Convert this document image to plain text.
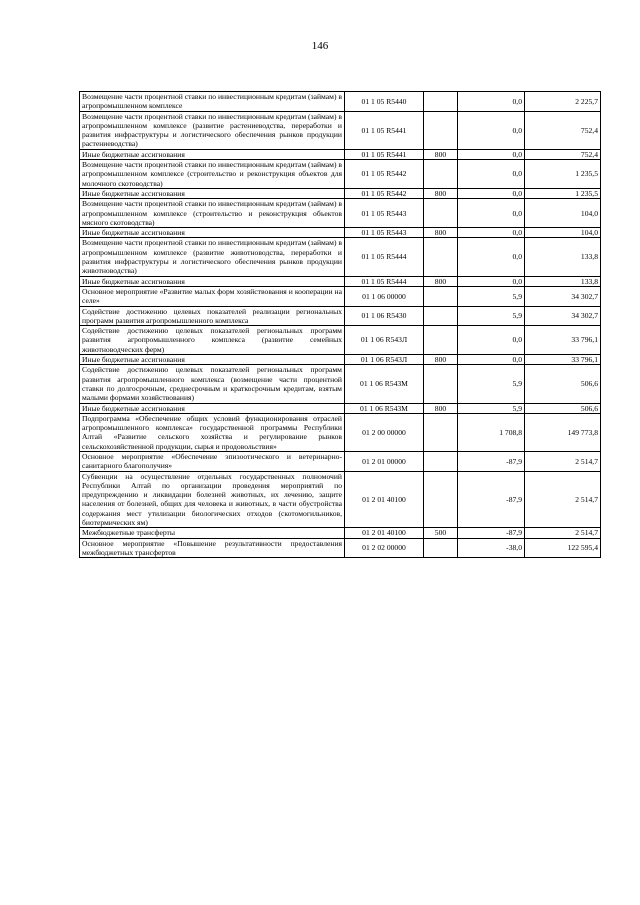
146
Возмещение части процентной ставки по инвестиционным кредитам (займам) в агропромышленном комплексе	01 1 05 R5440		0,0	2 225,7
Возмещение части процентной ставки по инвестиционным кредитам (займам) в агропромышленном комплексе (развитие растениеводства, переработки и развития инфраструктуры и логистического обеспечения рынков продукции растениеводства)	01 1 05 R5441		0,0	752,4
Иные бюджетные ассигнования	01 1 05 R5441	800	0,0	752,4
Возмещение части процентной ставки по инвестиционным кредитам (займам) в агропромышленном комплексе (строительство и реконструкция объектов для молочного скотоводства)	01 1 05 R5442		0,0	1 235,5
Иные бюджетные ассигнования	01 1 05 R5442	800	0,0	1 235,5
Возмещение части процентной ставки по инвестиционным кредитам (займам) в агропромышленном комплексе (строительство и реконструкция объектов мясного скотоводства)	01 1 05 R5443		0,0	104,0
Иные бюджетные ассигнования	01 1 05 R5443	800	0,0	104,0
Возмещение части процентной ставки по инвестиционным кредитам (займам) в агропромышленном комплексе (развитие животноводства, переработки и развития инфраструктуры и логистического обеспечения рынков продукции животноводства)	01 1 05 R5444		0,0	133,8
Иные бюджетные ассигнования	01 1 05 R5444	800	0,0	133,8
Основное мероприятие «Развитие малых форм хозяйствования и кооперации на селе»	01 1 06 00000		5,9	34 302,7
Содействие достижению целевых показателей реализации региональных программ развития агропромышленного комплекса	01 1 06 R5430		5,9	34 302,7
Содействие достижению целевых показателей региональных программ развития агропромышленного комплекса (развитие семейных животноводческих ферм)	01 1 06 R543Л		0,0	33 796,1
Иные бюджетные ассигнования	01 1 06 R543Л	800	0,0	33 796,1
Содействие достижению целевых показателей региональных программ развития агропромышленного комплекса (возмещение части процентной ставки по долгосрочным, среднесрочным и краткосрочным кредитам, взятым малыми формами хозяйствования)	01 1 06 R543М		5,9	506,6
Иные бюджетные ассигнования	01 1 06 R543М	800	5,9	506,6
Подпрограмма «Обеспечение общих условий функционирования отраслей агропромышленного комплекса» государственной программы Республики Алтай «Развитие сельского хозяйства и регулирование рынков сельскохозяйственной продукции, сырья и продовольствия»	01 2 00 00000		1 708,8	149 773,8
Основное мероприятие «Обеспечение эпизоотического и ветеринарно-санитарного благополучия»	01 2 01 00000		-87,9	2 514,7
Субвенции на осуществление отдельных государственных полномочий Республики Алтай по организации проведения мероприятий по предупреждению и ликвидации болезней животных, их лечению, защите населения от болезней, общих для человека и животных, в части обустройства содержания мест утилизации биологических отходов (скотомогильников, биотермических ям)	01 2 01 40100		-87,9	2 514,7
Межбюджетные трансферты	01 2 01 40100	500	-87,9	2 514,7
Основное мероприятие «Повышение результативности предоставления межбюджетных трансфертов	01 2 02 00000		-38,0	122 595,4
